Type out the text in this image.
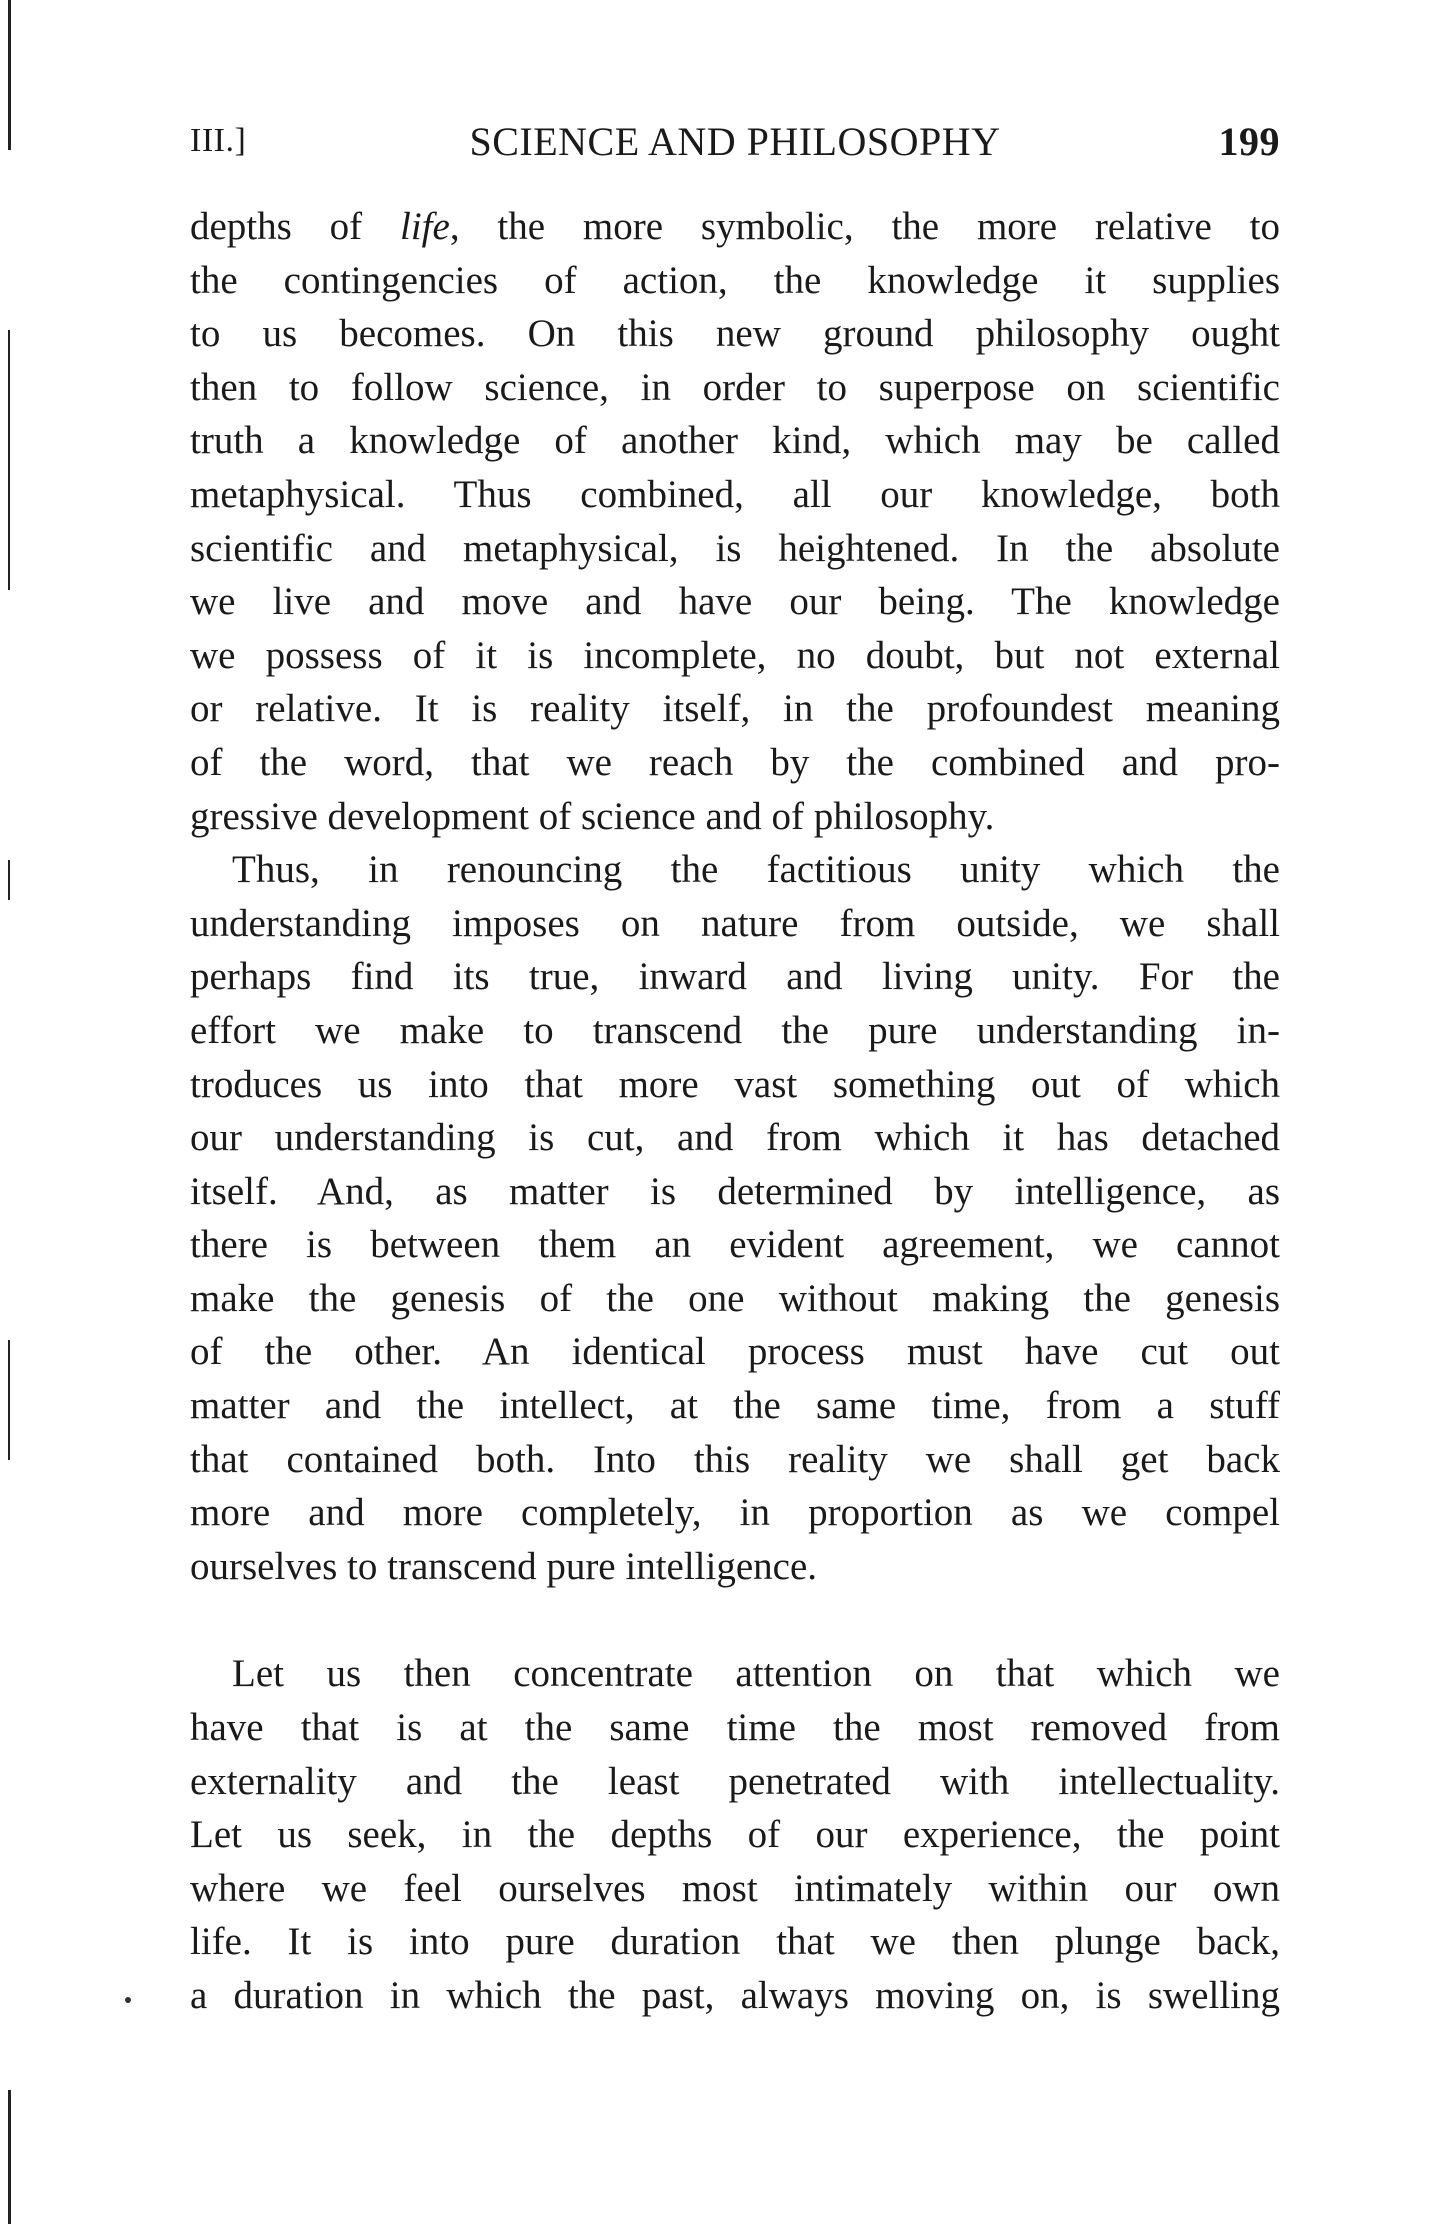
III.]	SCIENCE AND PHILOSOPHY	199
depths of life, the more symbolic, the more relative to
the contingencies of action, the knowledge it supplies
to us becomes. On this new ground philosophy ought
then to follow science, in order to superpose on scientific
truth a knowledge of another kind, which may be called
metaphysical. Thus combined, all our knowledge, both
scientific and metaphysical, is heightened. In the absolute
we live and move and have our being. The knowledge
we possess of it is incomplete, no doubt, but not external
or relative. It is reality itself, in the profoundest meaning
of the word, that we reach by the combined and pro-
gressive development of science and of philosophy.
Thus, in renouncing the factitious unity which the
understanding imposes on nature from outside, we shall
perhaps find its true, inward and living unity. For the
effort we make to transcend the pure understanding in-
troduces us into that more vast something out of which
our understanding is cut, and from which it has detached
itself. And, as matter is determined by intelligence, as
there is between them an evident agreement, we cannot
make the genesis of the one without making the genesis
of the other. An identical process must have cut out
matter and the intellect, at the same time, from a stuff
that contained both. Into this reality we shall get back
more and more completely, in proportion as we compel
ourselves to transcend pure intelligence.
Let us then concentrate attention on that which we
have that is at the same time the most removed from
externality and the least penetrated with intellectuality.
Let us seek, in the depths of our experience, the point
where we feel ourselves most intimately within our own
life. It is into pure duration that we then plunge back,
a duration in which the past, always moving on, is swelling
